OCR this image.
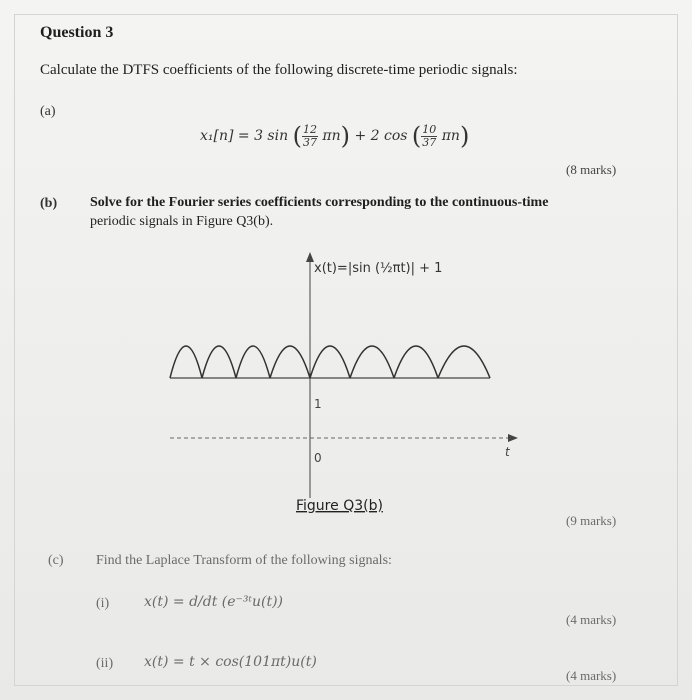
Question 3
Calculate the DTFS coefficients of the following discrete-time periodic signals:
(a)
x₁[n] = 3 sin ( $\frac{12}{37} \pi n) + 2$ cos ( $\frac{10}{37} \pi n$)
(8 marks)
(b) Solve for the Fourier series coefficients corresponding to the continuous-time
periodic signals in Figure Q3(b).
x(t)=|sin (½πt)| + 1
1
0	t
Figure Q3(b)
(9 marks)
(c) Find the Laplace Transform of the following signals:
(i) x(t) = d/dt (e⁻³ᵗu(t))
(4 marks)
(ii) x(t) = t × cos(101πt)u(t)
(4 marks)
